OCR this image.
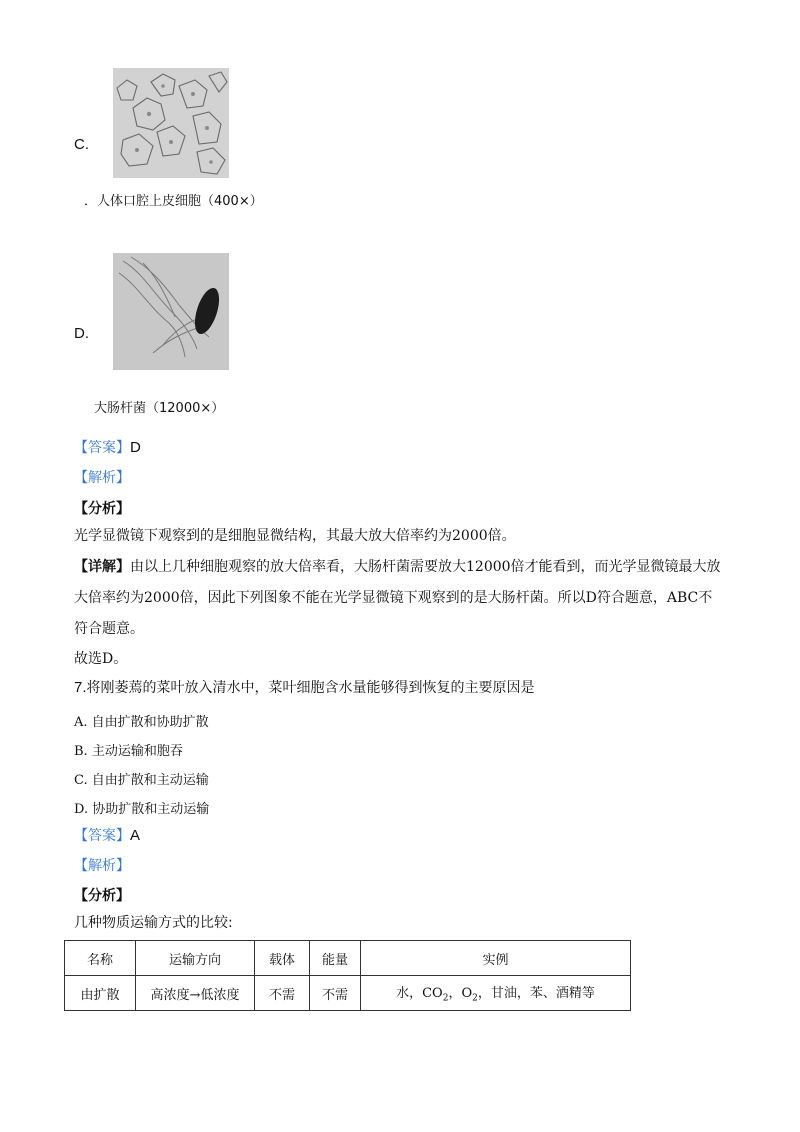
C.
．人体口腔上皮细胞（400×）
D.
大肠杆菌（12000×）
【答案】D
【解析】
【分析】
光学显微镜下观察到的是细胞显微结构，其最大放大倍率约为2000倍。
【详解】由以上几种细胞观察的放大倍率看，大肠杆菌需要放大12000倍才能看到，而光学显微镜最大放
大倍率约为2000倍，因此下列图象不能在光学显微镜下观察到的是大肠杆菌。所以D符合题意，ABC不
符合题意。
故选D。
7.将刚萎蔫的菜叶放入清水中，菜叶细胞含水量能够得到恢复的主要原因是
A. 自由扩散和协助扩散
B. 主动运输和胞吞
C. 自由扩散和主动运输
D. 协助扩散和主动运输
【答案】A
【解析】
【分析】
几种物质运输方式的比较:
名称	运输方向	载体	能量	实例
由扩散	高浓度→低浓度	不需	不需	水，$CO_2$，$O_2$，甘油，苯、酒精等
